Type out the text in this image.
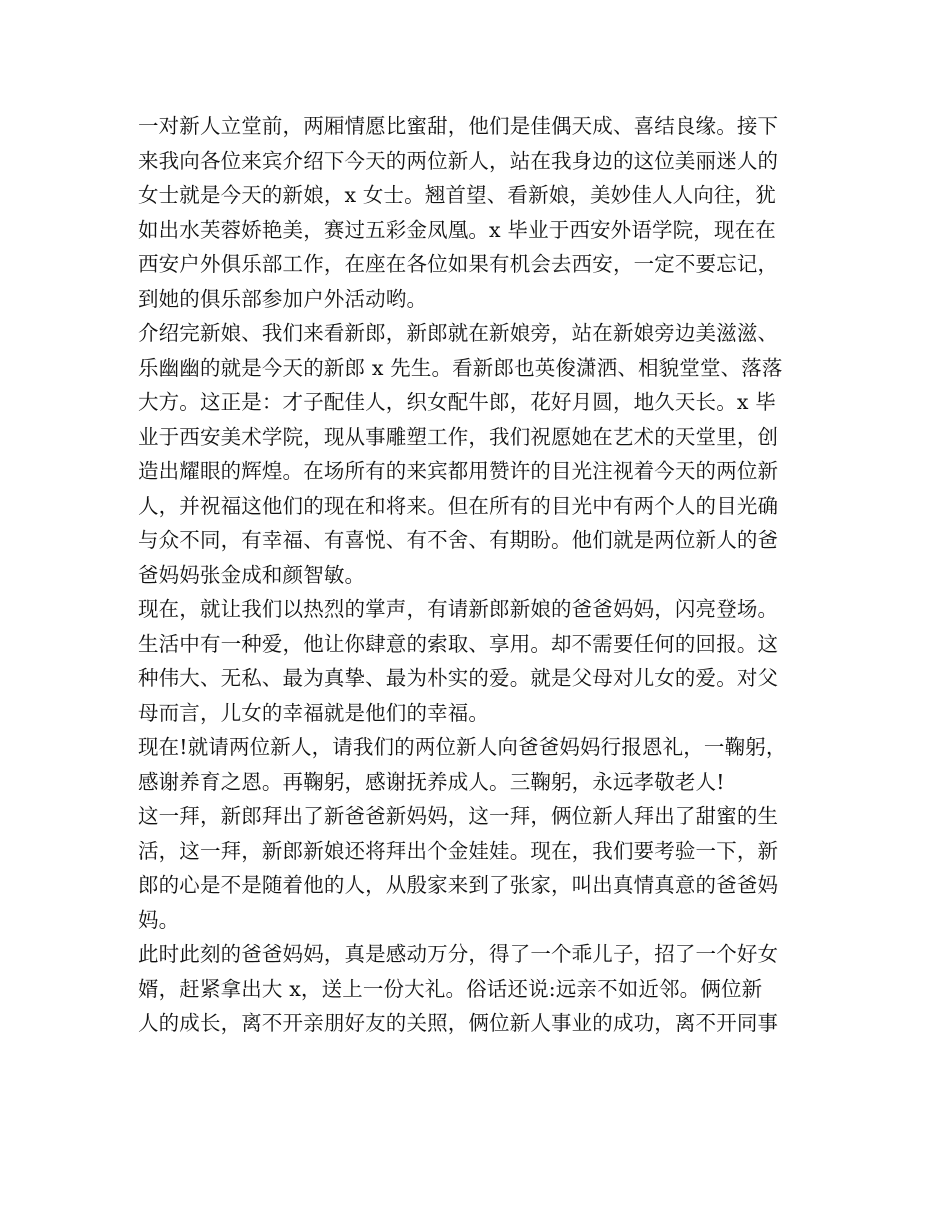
一对新人立堂前，两厢情愿比蜜甜，他们是佳偶天成、喜结良缘。接下
来我向各位来宾介绍下今天的两位新人，站在我身边的这位美丽迷人的
女士就是今天的新娘，x 女士。翘首望、看新娘，美妙佳人人向往，犹
如出水芙蓉娇艳美，赛过五彩金凤凰。x 毕业于西安外语学院，现在在
西安户外俱乐部工作，在座在各位如果有机会去西安，一定不要忘记，
到她的俱乐部参加户外活动哟。
介绍完新娘、我们来看新郎，新郎就在新娘旁，站在新娘旁边美滋滋、
乐幽幽的就是今天的新郎 x 先生。看新郎也英俊潇洒、相貌堂堂、落落
大方。这正是：才子配佳人，织女配牛郎，花好月圆，地久天长。x 毕
业于西安美术学院，现从事雕塑工作，我们祝愿她在艺术的天堂里，创
造出耀眼的辉煌。在场所有的来宾都用赞许的目光注视着今天的两位新
人，并祝福这他们的现在和将来。但在所有的目光中有两个人的目光确
与众不同，有幸福、有喜悦、有不舍、有期盼。他们就是两位新人的爸
爸妈妈张金成和颜智敏。
现在，就让我们以热烈的掌声，有请新郎新娘的爸爸妈妈，闪亮登场。
生活中有一种爱，他让你肆意的索取、享用。却不需要任何的回报。这
种伟大、无私、最为真挚、最为朴实的爱。就是父母对儿女的爱。对父
母而言，儿女的幸福就是他们的幸福。
现在!就请两位新人，请我们的两位新人向爸爸妈妈行报恩礼，一鞠躬，
感谢养育之恩。再鞠躬，感谢抚养成人。三鞠躬，永远孝敬老人!
这一拜，新郎拜出了新爸爸新妈妈，这一拜，俩位新人拜出了甜蜜的生
活，这一拜，新郎新娘还将拜出个金娃娃。现在，我们要考验一下，新
郎的心是不是随着他的人，从殷家来到了张家，叫出真情真意的爸爸妈
妈。
此时此刻的爸爸妈妈，真是感动万分，得了一个乖儿子，招了一个好女
婿，赶紧拿出大 x，送上一份大礼。俗话还说:远亲不如近邻。俩位新
人的成长，离不开亲朋好友的关照，俩位新人事业的成功，离不开同事
